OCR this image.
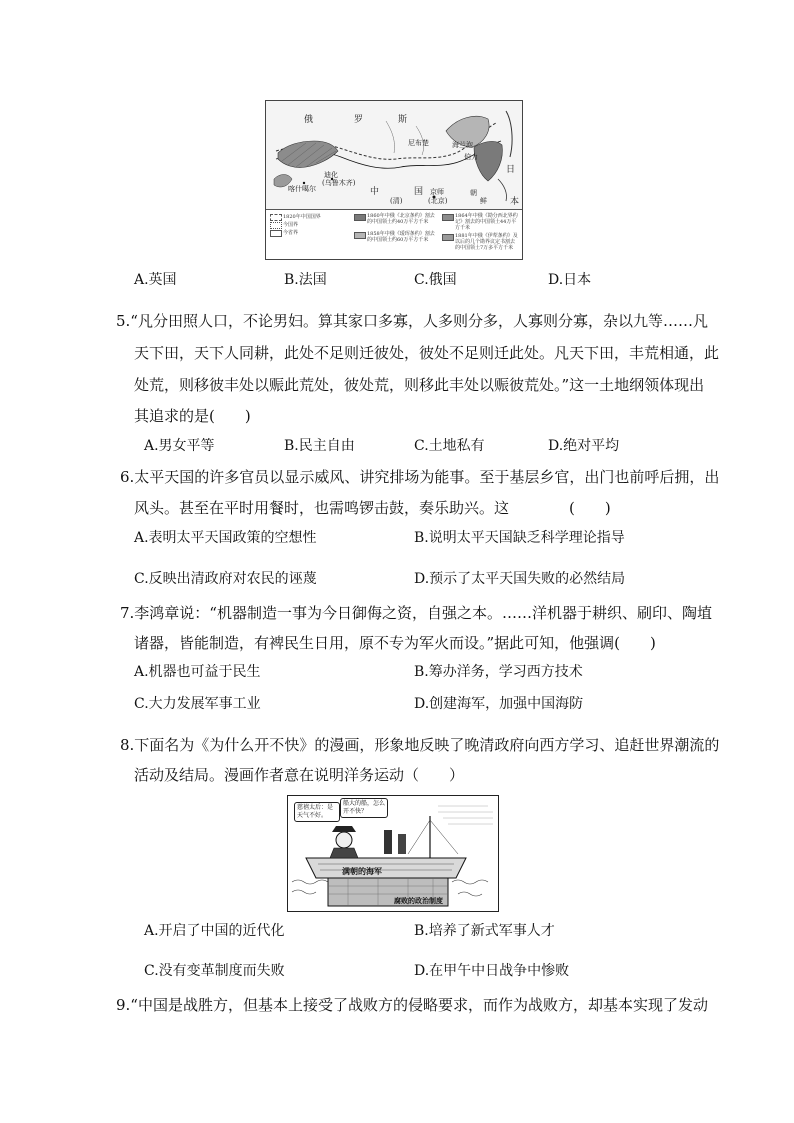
俄	罗	斯
尼布楚	海兰泡
伯力
日
本
喀什噶尔
迪化
(乌鲁木齐)
中	国
(清)
京师
(北京)
朝
鲜
1820年中国国界
今国界
今省界
1860年中俄《北京条约》割去的中国领土约40万平方千米
1858年中俄《瑷珲条约》割去的中国领土约60万平方千米
1864年中俄《勘分西北界约记》割去的中国领土44万平方千米
1881年中俄《伊犁条约》及以后的几个勘界议定书割去的中国领土7万多平方千米
A.英国	B.法国	C.俄国	D.日本
5.“凡分田照人口，不论男妇。算其家口多寡，人多则分多，人寡则分寡，杂以九等……凡
天下田，天下人同耕，此处不足则迁彼处，彼处不足则迁此处。凡天下田，丰荒相通，此
处荒，则移彼丰处以赈此荒处，彼处荒，则移此丰处以赈彼荒处。”这一土地纲领体现出
其追求的是(　　)
A.男女平等	B.民主自由	C.土地私有	D.绝对平均
6.太平天国的许多官员以显示威风、讲究排场为能事。至于基层乡官，出门也前呼后拥，出
风头。甚至在平时用餐时，也需鸣锣击鼓，奏乐助兴。这　　　　(　　)
A.表明太平天国政策的空想性	B.说明太平天国缺乏科学理论指导
C.反映出清政府对农民的诬蔑	D.预示了太平天国失败的必然结局
7.李鸿章说：“机器制造一事为今日御侮之资，自强之本。……洋机器于耕织、刷印、陶埴
诸器，皆能制造，有裨民生日用，原不专为军火而设。”据此可知，他强调(　　)
A.机器也可益于民生	B.筹办洋务，学习西方技术
C.大力发展军事工业	D.创建海军，加强中国海防
8.下面名为《为什么开不快》的漫画，形象地反映了晚清政府向西方学习、追赶世界潮流的
活动及结局。漫画作者意在说明洋务运动（　　）
慈禧太后：是天气不好。
船大的船，怎么开不快？
满朝的海军
腐败的政治制度
A.开启了中国的近代化	B.培养了新式军事人才
C.没有变革制度而失败	D.在甲午中日战争中惨败
9.“中国是战胜方，但基本上接受了战败方的侵略要求，而作为战败方，却基本实现了发动
